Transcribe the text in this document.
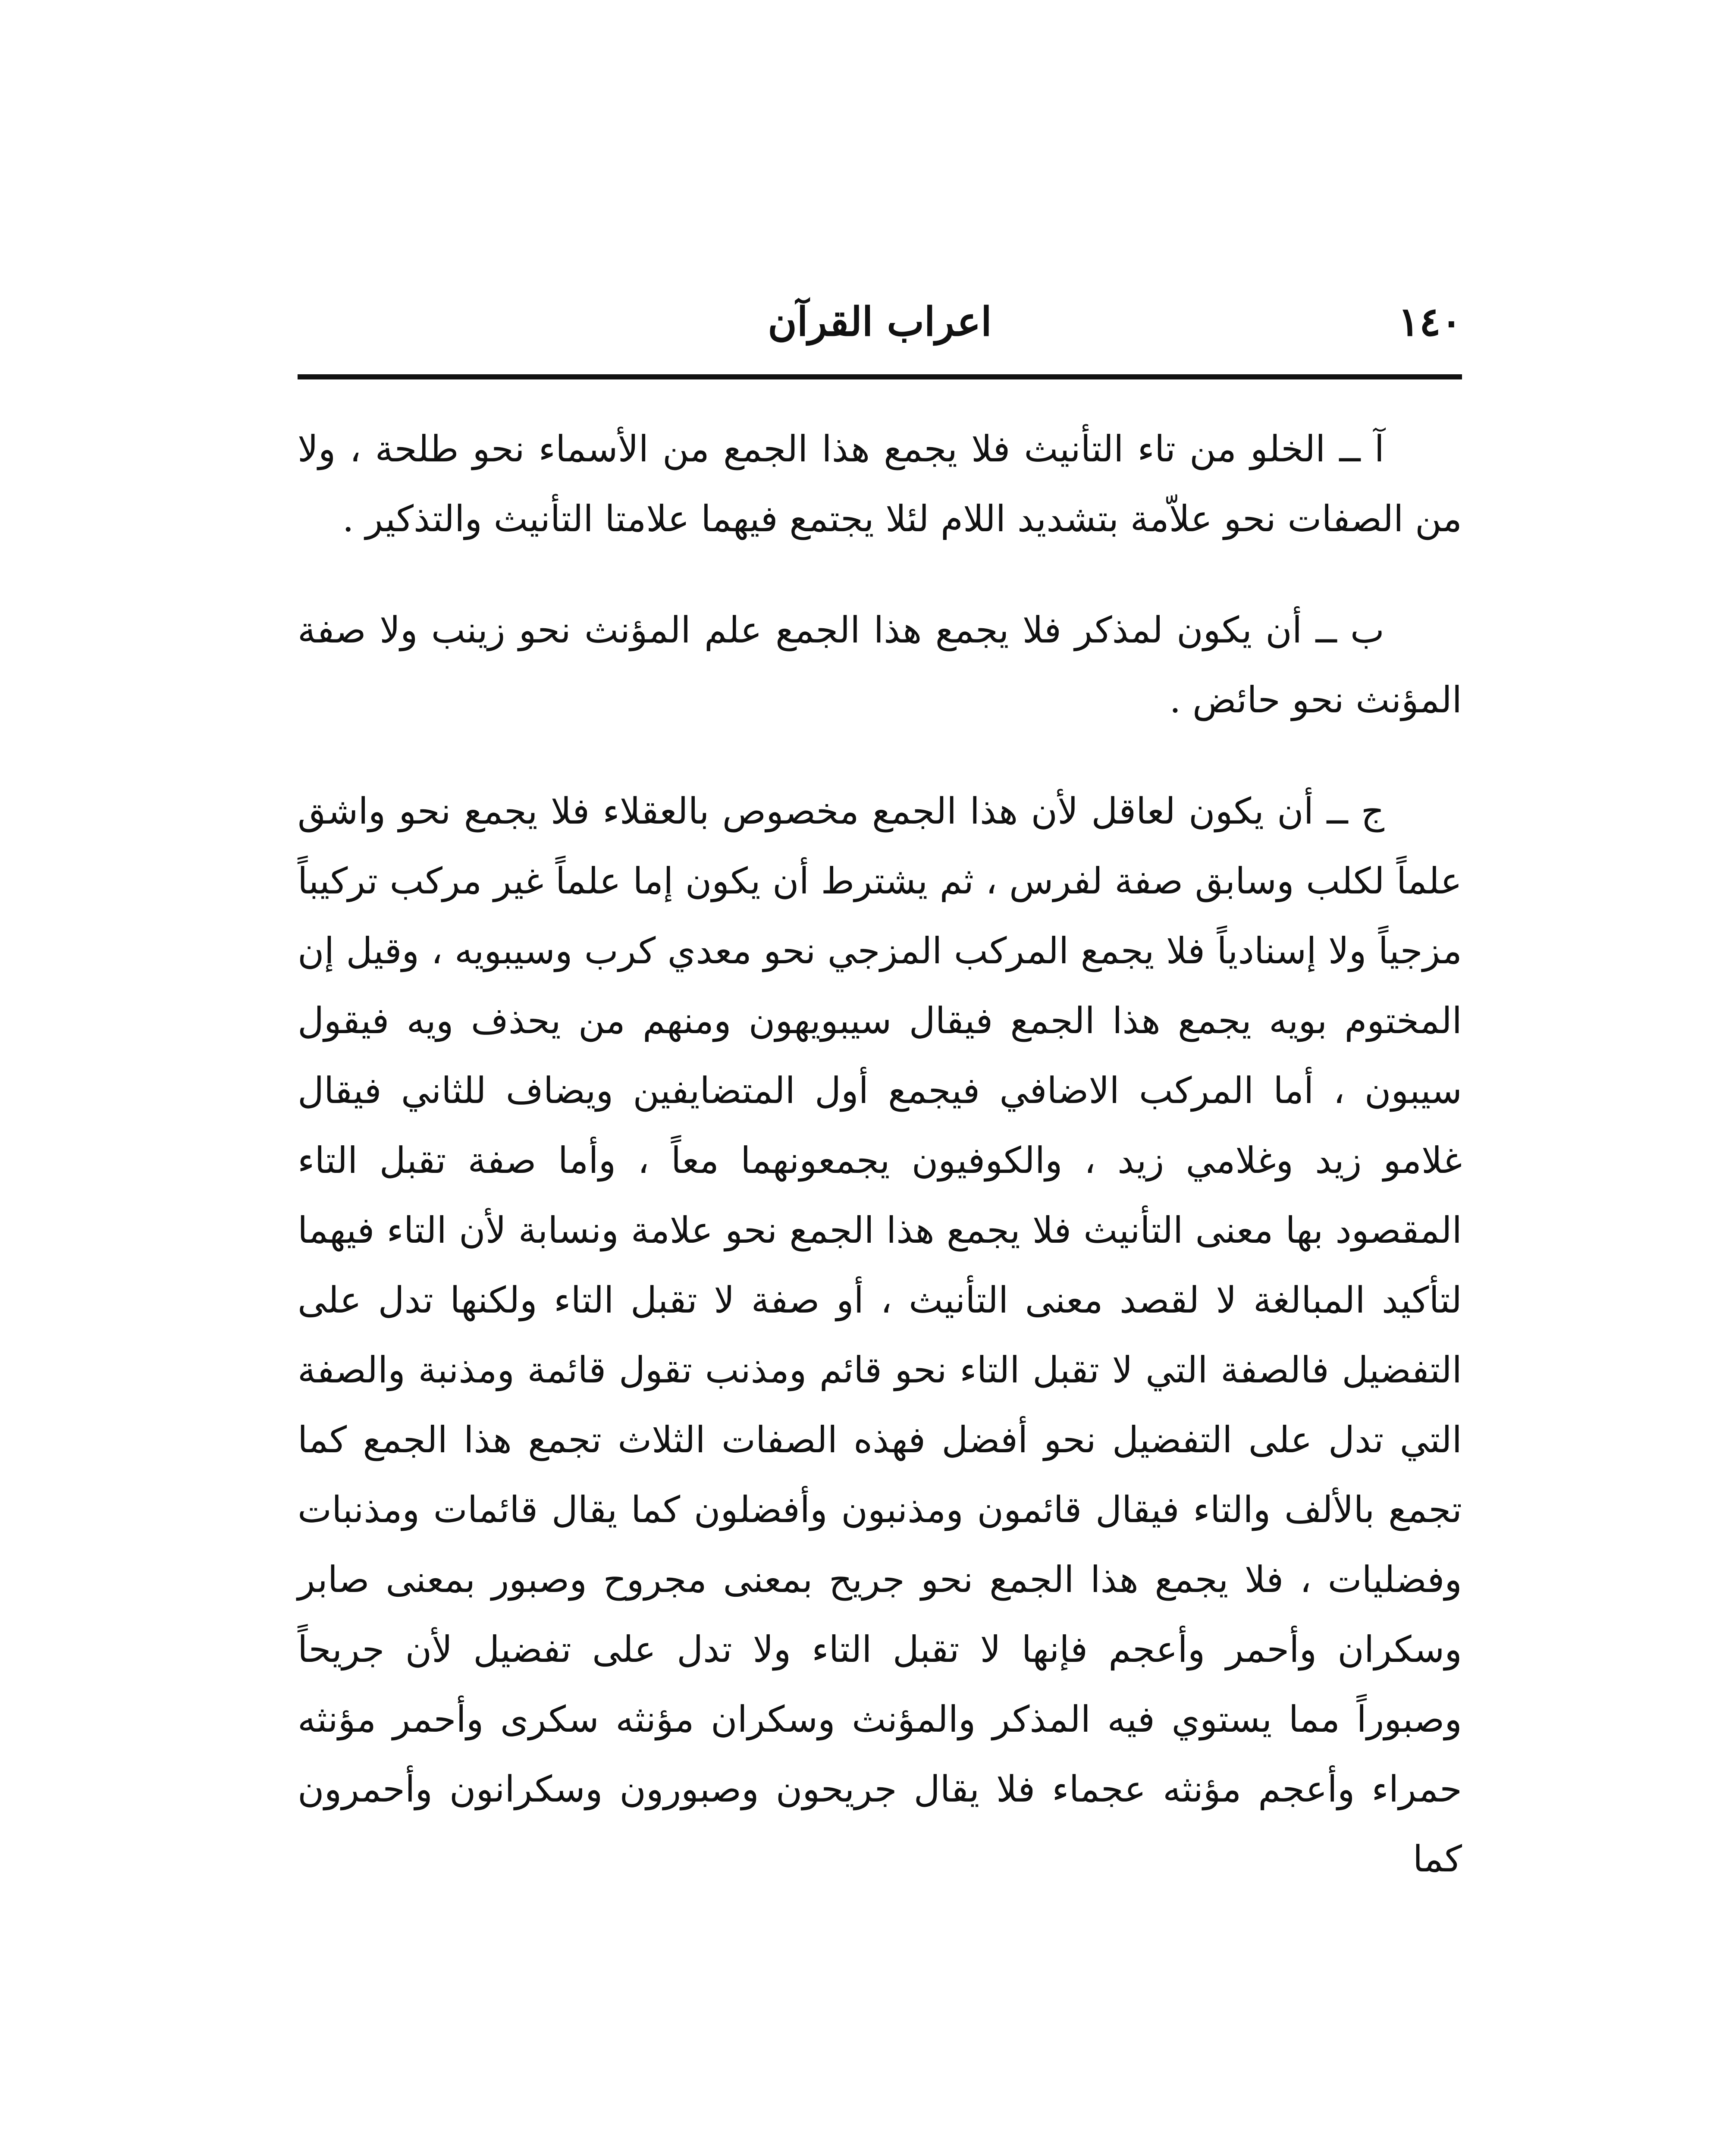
١٤٠
اعراب القرآن

آ ــ الخلو من تاء التأنيث فلا يجمع هذا الجمع من الأسماء نحو طلحة ، ولا من الصفات نحو علاّمة بتشديد اللام لئلا يجتمع فيهما علامتا التأنيث والتذكير .

ب ــ أن يكون لمذكر فلا يجمع هذا الجمع علم المؤنث نحو زينب ولا صفة المؤنث نحو حائض .

ج ــ أن يكون لعاقل لأن هذا الجمع مخصوص بالعقلاء فلا يجمع نحو واشق علماً لكلب وسابق صفة لفرس ، ثم يشترط أن يكون إما علماً غير مركب تركيباً مزجياً ولا إسنادياً فلا يجمع المركب المزجي نحو معدي كرب وسيبويه ، وقيل إن المختوم بويه يجمع هذا الجمع فيقال سيبويهون ومنهم من يحذف ويه فيقول سيبون ، أما المركب الاضافي فيجمع أول المتضايفين ويضاف للثاني فيقال غلامو زيد وغلامي زيد ، والكوفيون يجمعونهما معاً ، وأما صفة تقبل التاء المقصود بها معنى التأنيث فلا يجمع هذا الجمع نحو علامة ونسابة لأن التاء فيهما لتأكيد المبالغة لا لقصد معنى التأنيث ، أو صفة لا تقبل التاء ولكنها تدل على التفضيل فالصفة التي لا تقبل التاء نحو قائم ومذنب تقول قائمة ومذنبة والصفة التي تدل على التفضيل نحو أفضل فهذه الصفات الثلاث تجمع هذا الجمع كما تجمع بالألف والتاء فيقال قائمون ومذنبون وأفضلون كما يقال قائمات ومذنبات وفضليات ، فلا يجمع هذا الجمع نحو جريح بمعنى مجروح وصبور بمعنى صابر وسكران وأحمر وأعجم فإنها لا تقبل التاء ولا تدل على تفضيل لأن جريحاً وصبوراً مما يستوي فيه المذكر والمؤنث وسكران مؤنثه سكرى وأحمر مؤنثه حمراء وأعجم مؤنثه عجماء فلا يقال جريحون وصبورون وسكرانون وأحمرون كما
